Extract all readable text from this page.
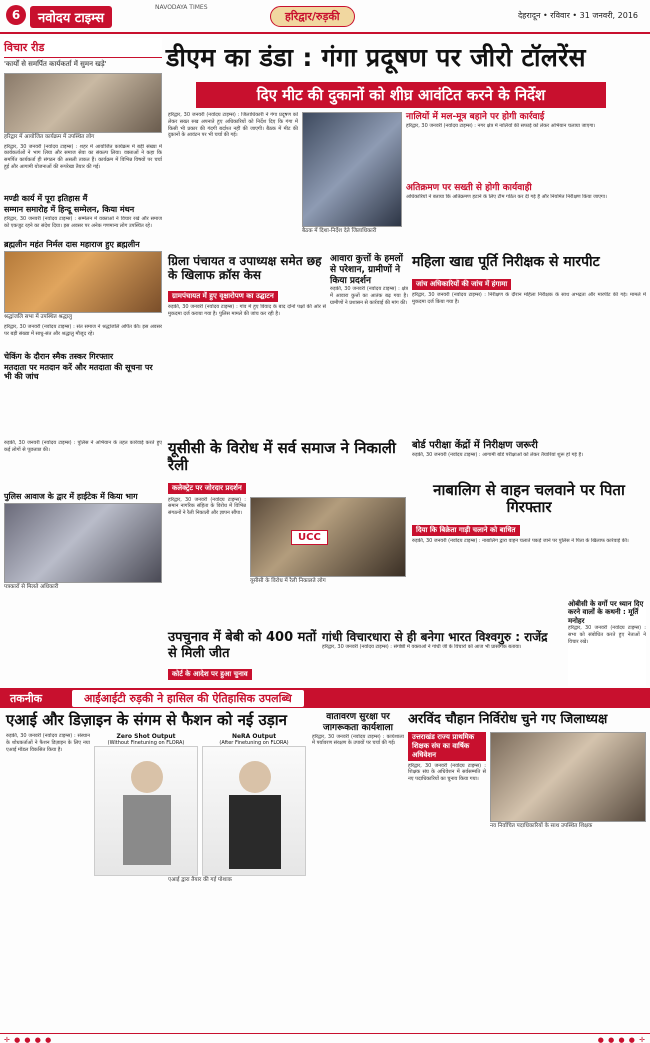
6	नवोदय टाइम्स
NAVODAYA TIMES
हरिद्वार/रुड़की	देहरादून • रविवार • 31 जनवरी, 2016
विचार रीड
'कार्यों से समर्पित कार्यकर्ता में सुमन खड़े'
हरिद्वार में आयोजित कार्यक्रम में उपस्थित लोग
हरिद्वार, 30 जनवरी (नवोदय टाइम्स) : शहर में आयोजित कार्यक्रम में बड़ी संख्या में कार्यकर्ताओं ने भाग लिया और समाज सेवा का संकल्प लिया। वक्ताओं ने कहा कि समर्पित कार्यकर्ता ही संगठन की असली ताकत हैं। कार्यक्रम में विभिन्न विषयों पर चर्चा हुई और आगामी योजनाओं की रूपरेखा तैयार की गई।
मण्डी कार्य में पूरा इतिहास मैं
सम्मान समारोह में हिन्दू सम्मेलन, किया मंथन
हरिद्वार, 30 जनवरी (नवोदय टाइम्स) : सम्मेलन में वक्ताओं ने विचार रखे और समाज को एकजुट रहने का संदेश दिया। इस अवसर पर अनेक गणमान्य लोग उपस्थित रहे।
ब्रह्मलीन महंत निर्मल दास महाराज हुए ब्रह्मलीन
श्रद्धांजलि सभा में उपस्थित श्रद्धालु
हरिद्वार, 30 जनवरी (नवोदय टाइम्स) : संत समाज ने श्रद्धांजलि अर्पित की। इस अवसर पर बड़ी संख्या में साधु-संत और श्रद्धालु मौजूद रहे।
चेकिंग के दौरान स्मैक तस्कर गिरफ्तार
मतदाता पर मतदान करें और मतदाता की सूचना पर भी की जांच
रुड़की, 30 जनवरी (नवोदय टाइम्स) : पुलिस ने अभियान के तहत कार्रवाई करते हुए कई लोगों से पूछताछ की।
पुलिस आवाज के द्वार में हाईटेक में किया भाग
पत्रकारों से मिलते अधिकारी
डीएम का डंडा : गंगा प्रदूषण पर जीरो टॉलरेंस
दिए मीट की दुकानों को शीघ्र आवंटित करने के निर्देश
हरिद्वार, 30 जनवरी (नवोदय टाइम्स) : जिलाधिकारी ने गंगा प्रदूषण को लेकर सख्त रुख अपनाते हुए अधिकारियों को निर्देश दिए कि गंगा में किसी भी प्रकार की गंदगी बर्दाश्त नहीं की जाएगी। बैठक में मीट की दुकानों के आवंटन पर भी चर्चा की गई।
बैठक में दिशा-निर्देश देते जिलाधिकारी
नालियों में मल-मूत्र बहाने पर होगी कार्रवाई
हरिद्वार, 30 जनवरी (नवोदय टाइम्स) : नगर क्षेत्र में नालियों की सफाई को लेकर अभियान चलाया जाएगा।
अतिक्रमण पर सख्ती से होगी कार्यवाही
अधिकारियों ने बताया कि अतिक्रमण हटाने के लिए टीम गठित कर दी गई है और नियमित निरीक्षण किया जाएगा।
ग्रिला पंचायत व उपाध्यक्ष समेत छह के खिलाफ क्रॉस केस
ग्रामपंचायत में हुए वृक्षारोपण का उद्घाटन
रुड़की, 30 जनवरी (नवोदय टाइम्स) : गांव में हुए विवाद के बाद दोनों पक्षों की ओर से मुकदमा दर्ज कराया गया है। पुलिस मामले की जांच कर रही है।
आवारा कुत्तों के हमलों से परेशान, ग्रामीणों ने किया प्रदर्शन
रुड़की, 30 जनवरी (नवोदय टाइम्स) : क्षेत्र में आवारा कुत्तों का आतंक बढ़ गया है। ग्रामीणों ने प्रशासन से कार्रवाई की मांग की।
महिला खाद्य पूर्ति निरीक्षक से मारपीट
जांच अधिकारियों की जांच में हंगामा
हरिद्वार, 30 जनवरी (नवोदय टाइम्स) : निरीक्षण के दौरान महिला निरीक्षक के साथ अभद्रता और मारपीट की गई। मामले में मुकदमा दर्ज किया गया है।
यूसीसी के विरोध में सर्व समाज ने निकाली रैली
कलेक्ट्रेट पर जोरदार प्रदर्शन
हरिद्वार, 30 जनवरी (नवोदय टाइम्स) : समान नागरिक संहिता के विरोध में विभिन्न संगठनों ने रैली निकाली और ज्ञापन सौंपा।
UCC
यूसीसी के विरोध में रैली निकालते लोग
बोर्ड परीक्षा केंद्रों में निरीक्षण जरूरी
रुड़की, 30 जनवरी (नवोदय टाइम्स) : आगामी बोर्ड परीक्षाओं को लेकर तैयारियां शुरू हो गई हैं।
नाबालिग से वाहन चलवाने पर पिता गिरफ्तार
दिया कि बिक्रेता गाड़ी चलाने को बाधित
रुड़की, 30 जनवरी (नवोदय टाइम्स) : नाबालिग द्वारा वाहन चलाते पकड़े जाने पर पुलिस ने पिता के खिलाफ कार्रवाई की।
उपचुनाव में बेबी को 400 मतों से मिली जीत
कोर्ट के आदेश पर हुआ चुनाव
गांधी विचारधारा से ही बनेगा भारत विश्वगुरु : राजेंद्र
हरिद्वार, 30 जनवरी (नवोदय टाइम्स) : संगोष्ठी में वक्ताओं ने गांधी जी के विचारों को आज भी प्रासंगिक बताया।
ओबीसी के वर्गो पर ध्यान दिए करने वालों के कथनी : मूर्ति मनोहर
हरिद्वार, 30 जनवरी (नवोदय टाइम्स) : सभा को संबोधित करते हुए नेताओं ने विचार रखे।
तकनीक	आईआईटी रुड़की ने हासिल की ऐतिहासिक उपलब्धि
एआई और डिज़ाइन के संगम से फैशन को नई उड़ान
रुड़की, 30 जनवरी (नवोदय टाइम्स) : संस्थान के शोधकर्ताओं ने फैशन डिज़ाइन के लिए नया एआई मॉडल विकसित किया है।
Zero Shot Output
(Without Finetuning on FLORA)
NeRA Output
(After Finetuning on FLORA)
एआई द्वारा तैयार की गई पोशाक
वातावरण सुरक्षा पर जागरूकता कार्यशाला
हरिद्वार, 30 जनवरी (नवोदय टाइम्स) : कार्यशाला में पर्यावरण संरक्षण के उपायों पर चर्चा की गई।
अरविंद चौहान निर्विरोध चुने गए जिलाध्यक्ष
उत्तराखंड राज्य प्राथमिक शिक्षक संघ का वार्षिक अधिवेशन
हरिद्वार, 30 जनवरी (नवोदय टाइम्स) : शिक्षक संघ के अधिवेशन में सर्वसम्मति से नए पदाधिकारियों का चुनाव किया गया।
नव निर्वाचित पदाधिकारियों के साथ उपस्थित शिक्षक
✛ ● ● ● ●	● ● ● ● ✛
